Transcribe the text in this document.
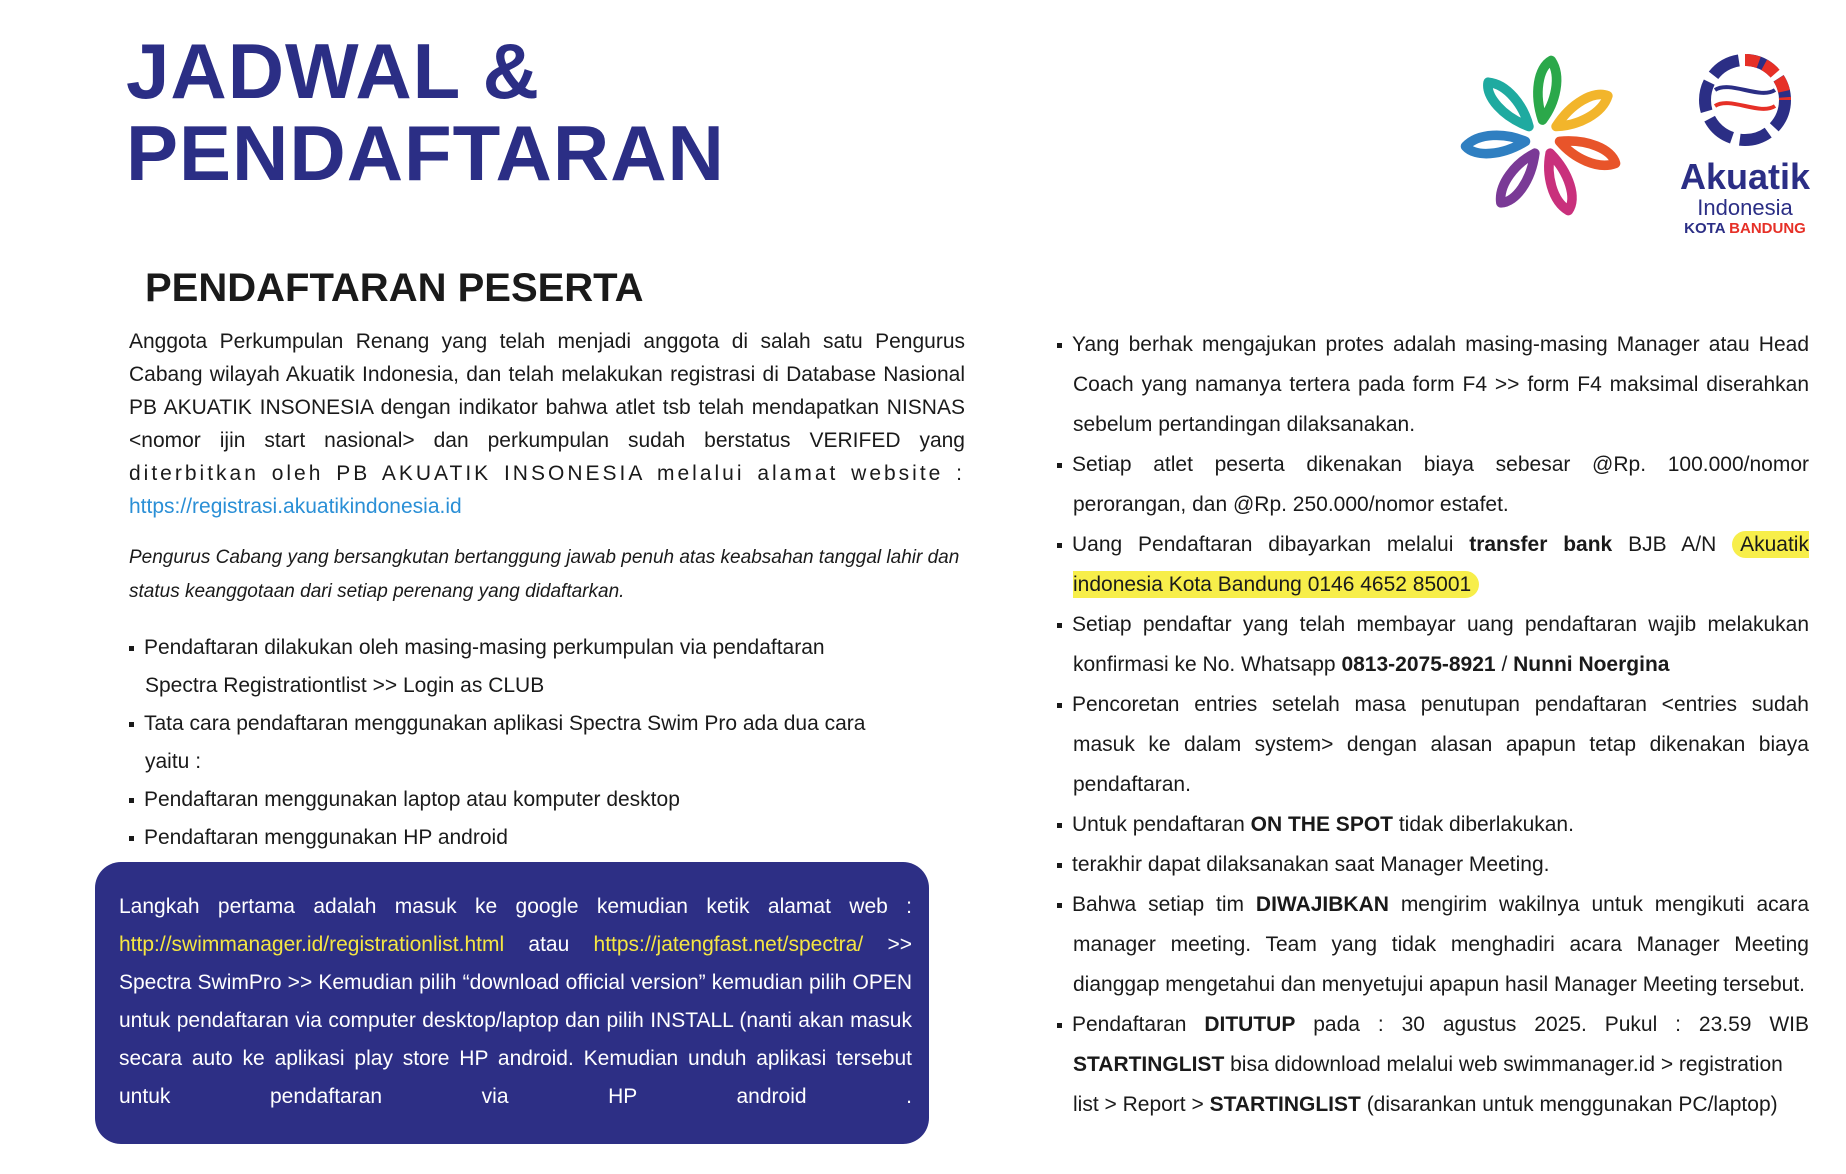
JADWAL &
PENDAFTARAN	Akuatik
Indonesia
KOTA BANDUNG
PENDAFTARAN PESERTA

Anggota Perkumpulan Renang yang telah menjadi anggota di salah satu Pengurus Cabang wilayah Akuatik Indonesia, dan telah melakukan registrasi di Database Nasional PB AKUATIK INSONESIA dengan indikator bahwa atlet tsb telah mendapatkan NISNAS <nomor ijin start nasional> dan perkumpulan sudah berstatus VERIFED yang diterbitkan oleh PB AKUATIK INSONESIA melalui alamat website : https://registrasi.akuatikindonesia.id

Pengurus Cabang yang bersangkutan bertanggung jawab penuh atas keabsahan tanggal lahir dan status keanggotaan dari setiap perenang yang didaftarkan.

Pendaftaran dilakukan oleh masing-masing perkumpulan via pendaftaran Spectra Registrationtlist >> Login as CLUB
Tata cara pendaftaran menggunakan aplikasi Spectra Swim Pro ada dua cara yaitu :
Pendaftaran menggunakan laptop atau komputer desktop
Pendaftaran menggunakan HP android

Langkah pertama adalah masuk ke google kemudian ketik alamat web : http://swimmanager.id/registrationlist.html atau https://jatengfast.net/spectra/ >> Spectra SwimPro >> Kemudian pilih “download official version” kemudian pilih OPEN untuk pendaftaran via computer desktop/laptop dan pilih INSTALL (nanti akan masuk secara auto ke aplikasi play store HP android. Kemudian unduh aplikasi tersebut untuk pendaftaran via HP android	.

Yang berhak mengajukan protes adalah masing-masing Manager atau Head Coach yang namanya tertera pada form F4 >> form F4 maksimal diserahkan sebelum pertandingan dilaksanakan.
Setiap atlet peserta dikenakan biaya sebesar @Rp. 100.000/nomor perorangan, dan @Rp. 250.000/nomor estafet.
Uang Pendaftaran dibayarkan melalui transfer bank BJB A/N Akuatik indonesia Kota Bandung 0146 4652 85001
Setiap pendaftar yang telah membayar uang pendaftaran wajib melakukan konfirmasi ke No. Whatsapp 0813-2075-8921 / Nunni Noergina
Pencoretan entries setelah masa penutupan pendaftaran <entries sudah masuk ke dalam system> dengan alasan apapun tetap dikenakan biaya pendaftaran.
Untuk pendaftaran ON THE SPOT tidak diberlakukan.
terakhir dapat dilaksanakan saat Manager Meeting.
Bahwa setiap tim DIWAJIBKAN mengirim wakilnya untuk mengikuti acara manager meeting. Team yang tidak menghadiri acara Manager Meeting dianggap mengetahui dan menyetujui apapun hasil Manager Meeting tersebut.
Pendaftaran DITUTUP pada : 30 agustus 2025. Pukul : 23.59 WIB
STARTINGLIST bisa didownload melalui web swimmanager.id > registration list > Report > STARTINGLIST (disarankan untuk menggunakan PC/laptop)
